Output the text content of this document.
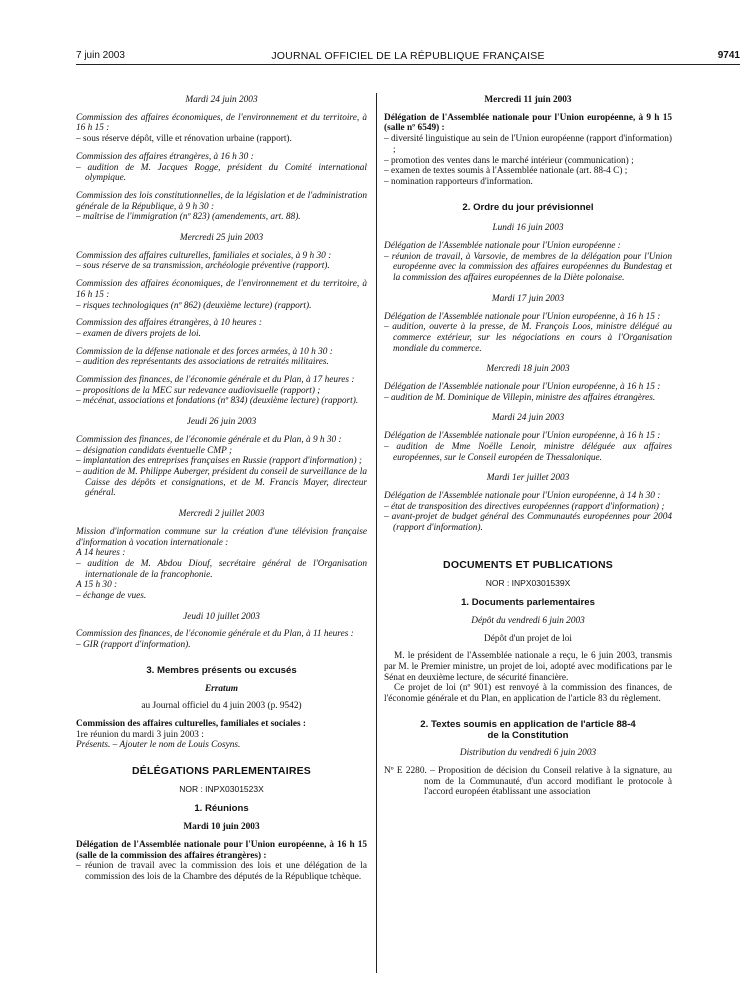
7 juin 2003	JOURNAL OFFICIEL DE LA RÉPUBLIQUE FRANÇAISE	9741

Mardi 24 juin 2003

Commission des affaires économiques, de l'environnement et du territoire, à 16 h 15 :

– sous réserve dépôt, ville et rénovation urbaine (rapport).

Commission des affaires étrangères, à 16 h 30 :

– audition de M. Jacques Rogge, président du Comité international olympique.

Commission des lois constitutionnelles, de la législation et de l'administration générale de la République, à 9 h 30 :

– maîtrise de l'immigration (nº 823) (amendements, art. 88).

Mercredi 25 juin 2003

Commission des affaires culturelles, familiales et sociales, à 9 h 30 :

– sous réserve de sa transmission, archéologie préventive (rapport).

Commission des affaires économiques, de l'environnement et du territoire, à 16 h 15 :

– risques technologiques (nº 862) (deuxième lecture) (rapport).

Commission des affaires étrangères, à 10 heures :

– examen de divers projets de loi.

Commission de la défense nationale et des forces armées, à 10 h 30 :

– audition des représentants des associations de retraités militaires.

Commission des finances, de l'économie générale et du Plan, à 17 heures :

– propositions de la MEC sur redevance audiovisuelle (rapport) ;

– mécénat, associations et fondations (nº 834) (deuxième lecture) (rapport).

Jeudi 26 juin 2003

Commission des finances, de l'économie générale et du Plan, à 9 h 30 :

– désignation candidats éventuelle CMP ;

– implantation des entreprises françaises en Russie (rapport d'information) ;

– audition de M. Philippe Auberger, président du conseil de surveillance de la Caisse des dépôts et consignations, et de M. Francis Mayer, directeur général.

Mercredi 2 juillet 2003

Mission d'information commune sur la création d'une télévision française d'information à vocation internationale :

A 14 heures :

– audition de M. Abdou Diouf, secrétaire général de l'Organisation internationale de la francophonie.

A 15 h 30 :

– échange de vues.

Jeudi 10 juillet 2003

Commission des finances, de l'économie générale et du Plan, à 11 heures :

– GIR (rapport d'information).

3. Membres présents ou excusés

Erratum

au Journal officiel du 4 juin 2003 (p. 9542)

Commission des affaires culturelles, familiales et sociales :

1re réunion du mardi 3 juin 2003 :

Présents. – Ajouter le nom de Louis Cosyns.

DÉLÉGATIONS PARLEMENTAIRES

NOR : INPX0301523X

1. Réunions

Mardi 10 juin 2003

Délégation de l'Assemblée nationale pour l'Union européenne, à 16 h 15 (salle de la commission des affaires étrangères) :

– réunion de travail avec la commission des lois et une délégation de la commission des lois de la Chambre des députés de la République tchèque.

Mercredi 11 juin 2003

Délégation de l'Assemblée nationale pour l'Union européenne, à 9 h 15 (salle nº 6549) :

– diversité linguistique au sein de l'Union européenne (rapport d'information) ;

– promotion des ventes dans le marché intérieur (communication) ;

– examen de textes soumis à l'Assemblée nationale (art. 88-4 C) ;

– nomination rapporteurs d'information.

2. Ordre du jour prévisionnel

Lundi 16 juin 2003

Délégation de l'Assemblée nationale pour l'Union européenne :

– réunion de travail, à Varsovie, de membres de la délégation pour l'Union européenne avec la commission des affaires européennes du Bundestag et la commission des affaires européennes de la Diète polonaise.

Mardi 17 juin 2003

Délégation de l'Assemblée nationale pour l'Union européenne, à 16 h 15 :

– audition, ouverte à la presse, de M. François Loos, ministre délégué au commerce extérieur, sur les négociations en cours à l'Organisation mondiale du commerce.

Mercredi 18 juin 2003

Délégation de l'Assemblée nationale pour l'Union européenne, à 16 h 15 :

– audition de M. Dominique de Villepin, ministre des affaires étrangères.

Mardi 24 juin 2003

Délégation de l'Assemblée nationale pour l'Union européenne, à 16 h 15 :

– audition de Mme Noëlle Lenoir, ministre déléguée aux affaires européennes, sur le Conseil européen de Thessalonique.

Mardi 1er juillet 2003

Délégation de l'Assemblée nationale pour l'Union européenne, à 14 h 30 :

– état de transposition des directives européennes (rapport d'information) ;

– avant-projet de budget général des Communautés européennes pour 2004 (rapport d'information).

DOCUMENTS ET PUBLICATIONS

NOR : INPX0301539X

1. Documents parlementaires

Dépôt du vendredi 6 juin 2003

Dépôt d'un projet de loi

M. le président de l'Assemblée nationale a reçu, le 6 juin 2003, transmis par M. le Premier ministre, un projet de loi, adopté avec modifications par le Sénat en deuxième lecture, de sécurité financière.

Ce projet de loi (nº 901) est renvoyé à la commission des finances, de l'économie générale et du Plan, en application de l'article 83 du règlement.

2. Textes soumis en application de l'article 88-4

de la Constitution

Distribution du vendredi 6 juin 2003

Nº E 2280. – Proposition de décision du Conseil relative à la signature, au nom de la Communauté, d'un accord modifiant le protocole à l'accord européen établissant une association
